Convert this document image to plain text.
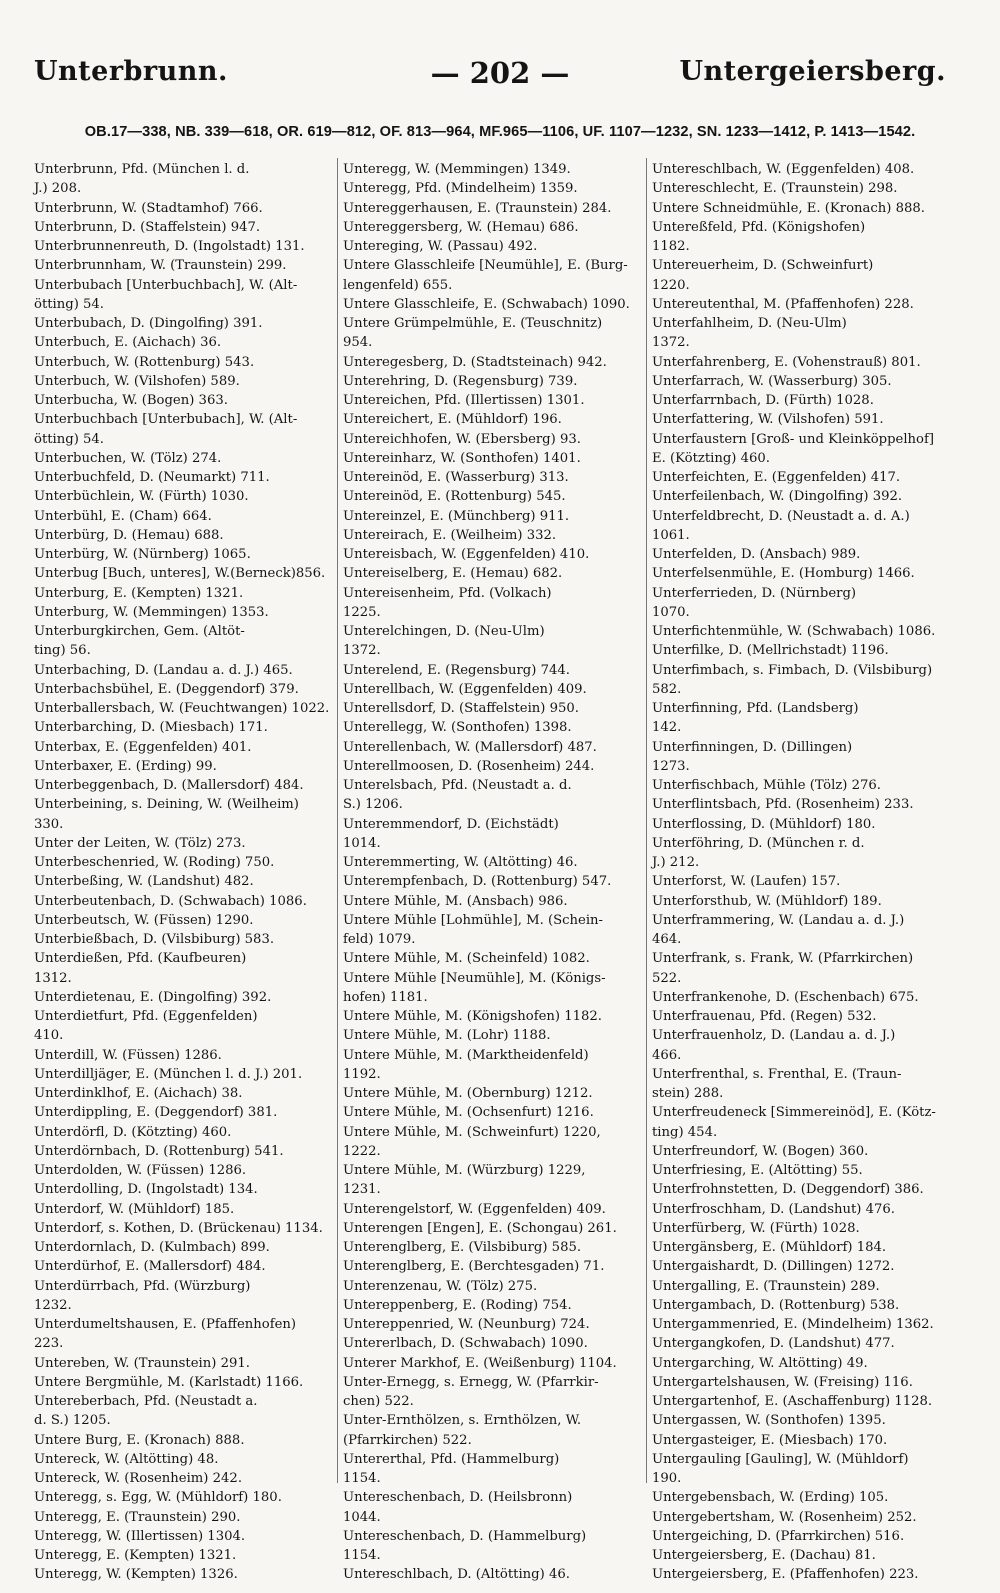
Unterbrunn.	— 202 —	Untergeiersberg.
OB.17—338, NB. 339—618, OR. 619—812, OF. 813—964, MF.965—1106, UF. 1107—1232, SN. 1233—1412, P. 1413—1542.
Unterbrunn, Pfd. (München l. d.
J.) 208.
Unterbrunn, W. (Stadtamhof) 766.
Unterbrunn, D. (Staffelstein) 947.
Unterbrunnenreuth, D. (Ingolstadt) 131.
Unterbrunnham, W. (Traunstein) 299.
Unterbubach [Unterbuchbach], W. (Alt-
ötting) 54.
Unterbubach, D. (Dingolfing) 391.
Unterbuch, E. (Aichach) 36.
Unterbuch, W. (Rottenburg) 543.
Unterbuch, W. (Vilshofen) 589.
Unterbucha, W. (Bogen) 363.
Unterbuchbach [Unterbubach], W. (Alt-
ötting) 54.
Unterbuchen, W. (Tölz) 274.
Unterbuchfeld, D. (Neumarkt) 711.
Unterbüchlein, W. (Fürth) 1030.
Unterbühl, E. (Cham) 664.
Unterbürg, D. (Hemau) 688.
Unterbürg, W. (Nürnberg) 1065.
Unterbug [Buch, unteres], W.(Berneck)856.
Unterburg, E. (Kempten) 1321.
Unterburg, W. (Memmingen) 1353.
Unterburgkirchen, Gem. (Altöt-
ting) 56.
Unterbaching, D. (Landau a. d. J.) 465.
Unterbachsbühel, E. (Deggendorf) 379.
Unterballersbach, W. (Feuchtwangen) 1022.
Unterbarching, D. (Miesbach) 171.
Unterbax, E. (Eggenfelden) 401.
Unterbaxer, E. (Erding) 99.
Unterbeggenbach, D. (Mallersdorf) 484.
Unterbeining, s. Deining, W. (Weilheim)
330.
Unter der Leiten, W. (Tölz) 273.
Unterbeschenried, W. (Roding) 750.
Unterbeßing, W. (Landshut) 482.
Unterbeutenbach, D. (Schwabach) 1086.
Unterbeutsch, W. (Füssen) 1290.
Unterbießbach, D. (Vilsbiburg) 583.
Unterdießen, Pfd. (Kaufbeuren)
1312.
Unterdietenau, E. (Dingolfing) 392.
Unterdietfurt, Pfd. (Eggenfelden)
410.
Unterdill, W. (Füssen) 1286.
Unterdilljäger, E. (München l. d. J.) 201.
Unterdinklhof, E. (Aichach) 38.
Unterdippling, E. (Deggendorf) 381.
Unterdörfl, D. (Kötzting) 460.
Unterdörnbach, D. (Rottenburg) 541.
Unterdolden, W. (Füssen) 1286.
Unterdolling, D. (Ingolstadt) 134.
Unterdorf, W. (Mühldorf) 185.
Unterdorf, s. Kothen, D. (Brückenau) 1134.
Unterdornlach, D. (Kulmbach) 899.
Unterdürhof, E. (Mallersdorf) 484.
Unterdürrbach, Pfd. (Würzburg)
1232.
Unterdumeltshausen, E. (Pfaffenhofen)
223.
Untereben, W. (Traunstein) 291.
Untere Bergmühle, M. (Karlstadt) 1166.
Untereberbach, Pfd. (Neustadt a.
d. S.) 1205.
Untere Burg, E. (Kronach) 888.
Untereck, W. (Altötting) 48.
Untereck, W. (Rosenheim) 242.
Unteregg, s. Egg, W. (Mühldorf) 180.
Unteregg, E. (Traunstein) 290.
Unteregg, W. (Illertissen) 1304.
Unteregg, E. (Kempten) 1321.
Unteregg, W. (Kempten) 1326.
Unteregg, W. (Memmingen) 1349.
Unteregg, Pfd. (Mindelheim) 1359.
Untereggerhausen, E. (Traunstein) 284.
Untereggersberg, W. (Hemau) 686.
Untereging, W. (Passau) 492.
Untere Glasschleife [Neumühle], E. (Burg-
lengenfeld) 655.
Untere Glasschleife, E. (Schwabach) 1090.
Untere Grümpelmühle, E. (Teuschnitz)
954.
Unteregesberg, D. (Stadtsteinach) 942.
Unterehring, D. (Regensburg) 739.
Untereichen, Pfd. (Illertissen) 1301.
Untereichert, E. (Mühldorf) 196.
Untereichhofen, W. (Ebersberg) 93.
Untereinharz, W. (Sonthofen) 1401.
Untereinöd, E. (Wasserburg) 313.
Untereinöd, E. (Rottenburg) 545.
Untereinzel, E. (Münchberg) 911.
Untereirach, E. (Weilheim) 332.
Untereisbach, W. (Eggenfelden) 410.
Untereiselberg, E. (Hemau) 682.
Untereisenheim, Pfd. (Volkach)
1225.
Unterelchingen, D. (Neu-Ulm)
1372.
Unterelend, E. (Regensburg) 744.
Unterellbach, W. (Eggenfelden) 409.
Unterellsdorf, D. (Staffelstein) 950.
Unterellegg, W. (Sonthofen) 1398.
Unterellenbach, W. (Mallersdorf) 487.
Unterellmoosen, D. (Rosenheim) 244.
Unterelsbach, Pfd. (Neustadt a. d.
S.) 1206.
Unteremmendorf, D. (Eichstädt)
1014.
Unteremmerting, W. (Altötting) 46.
Unterempfenbach, D. (Rottenburg) 547.
Untere Mühle, M. (Ansbach) 986.
Untere Mühle [Lohmühle], M. (Schein-
feld) 1079.
Untere Mühle, M. (Scheinfeld) 1082.
Untere Mühle [Neumühle], M. (Königs-
hofen) 1181.
Untere Mühle, M. (Königshofen) 1182.
Untere Mühle, M. (Lohr) 1188.
Untere Mühle, M. (Marktheidenfeld)
1192.
Untere Mühle, M. (Obernburg) 1212.
Untere Mühle, M. (Ochsenfurt) 1216.
Untere Mühle, M. (Schweinfurt) 1220,
1222.
Untere Mühle, M. (Würzburg) 1229,
1231.
Unterengelstorf, W. (Eggenfelden) 409.
Unterengen [Engen], E. (Schongau) 261.
Unterenglberg, E. (Vilsbiburg) 585.
Unterenglberg, E. (Berchtesgaden) 71.
Unterenzenau, W. (Tölz) 275.
Untereppenberg, E. (Roding) 754.
Untereppenried, W. (Neunburg) 724.
Untererlbach, D. (Schwabach) 1090.
Unterer Markhof, E. (Weißenburg) 1104.
Unter-Ernegg, s. Ernegg, W. (Pfarrkir-
chen) 522.
Unter-Ernthölzen, s. Ernthölzen, W.
(Pfarrkirchen) 522.
Untererthal, Pfd. (Hammelburg)
1154.
Untereschenbach, D. (Heilsbronn)
1044.
Untereschenbach, D. (Hammelburg)
1154.
Untereschlbach, D. (Altötting) 46.
Untereschlbach, W. (Eggenfelden) 408.
Untereschlecht, E. (Traunstein) 298.
Untere Schneidmühle, E. (Kronach) 888.
Untereßfeld, Pfd. (Königshofen)
1182.
Untereuerheim, D. (Schweinfurt)
1220.
Untereutenthal, M. (Pfaffenhofen) 228.
Unterfahlheim, D. (Neu-Ulm)
1372.
Unterfahrenberg, E. (Vohenstrauß) 801.
Unterfarrach, W. (Wasserburg) 305.
Unterfarrnbach, D. (Fürth) 1028.
Unterfattering, W. (Vilshofen) 591.
Unterfaustern [Groß- und Kleinköppelhof]
E. (Kötzting) 460.
Unterfeichten, E. (Eggenfelden) 417.
Unterfeilenbach, W. (Dingolfing) 392.
Unterfeldbrecht, D. (Neustadt a. d. A.)
1061.
Unterfelden, D. (Ansbach) 989.
Unterfelsenmühle, E. (Homburg) 1466.
Unterferrieden, D. (Nürnberg)
1070.
Unterfichtenmühle, W. (Schwabach) 1086.
Unterfilke, D. (Mellrichstadt) 1196.
Unterfimbach, s. Fimbach, D. (Vilsbiburg)
582.
Unterfinning, Pfd. (Landsberg)
142.
Unterfinningen, D. (Dillingen)
1273.
Unterfischbach, Mühle (Tölz) 276.
Unterflintsbach, Pfd. (Rosenheim) 233.
Unterflossing, D. (Mühldorf) 180.
Unterföhring, D. (München r. d.
J.) 212.
Unterforst, W. (Laufen) 157.
Unterforsthub, W. (Mühldorf) 189.
Unterframmering, W. (Landau a. d. J.)
464.
Unterfrank, s. Frank, W. (Pfarrkirchen)
522.
Unterfrankenohe, D. (Eschenbach) 675.
Unterfrauenau, Pfd. (Regen) 532.
Unterfrauenholz, D. (Landau a. d. J.)
466.
Unterfrenthal, s. Frenthal, E. (Traun-
stein) 288.
Unterfreudeneck [Simmereinöd], E. (Kötz-
ting) 454.
Unterfreundorf, W. (Bogen) 360.
Unterfriesing, E. (Altötting) 55.
Unterfrohnstetten, D. (Deggendorf) 386.
Unterfroschham, D. (Landshut) 476.
Unterfürberg, W. (Fürth) 1028.
Untergänsberg, E. (Mühldorf) 184.
Untergaishardt, D. (Dillingen) 1272.
Untergalling, E. (Traunstein) 289.
Untergambach, D. (Rottenburg) 538.
Untergammenried, E. (Mindelheim) 1362.
Untergangkofen, D. (Landshut) 477.
Untergarching, W. Altötting) 49.
Untergartelshausen, W. (Freising) 116.
Untergartenhof, E. (Aschaffenburg) 1128.
Untergassen, W. (Sonthofen) 1395.
Untergasteiger, E. (Miesbach) 170.
Untergauling [Gauling], W. (Mühldorf)
190.
Untergebensbach, W. (Erding) 105.
Untergebertsham, W. (Rosenheim) 252.
Untergeiching, D. (Pfarrkirchen) 516.
Untergeiersberg, E. (Dachau) 81.
Untergeiersberg, E. (Pfaffenhofen) 223.
